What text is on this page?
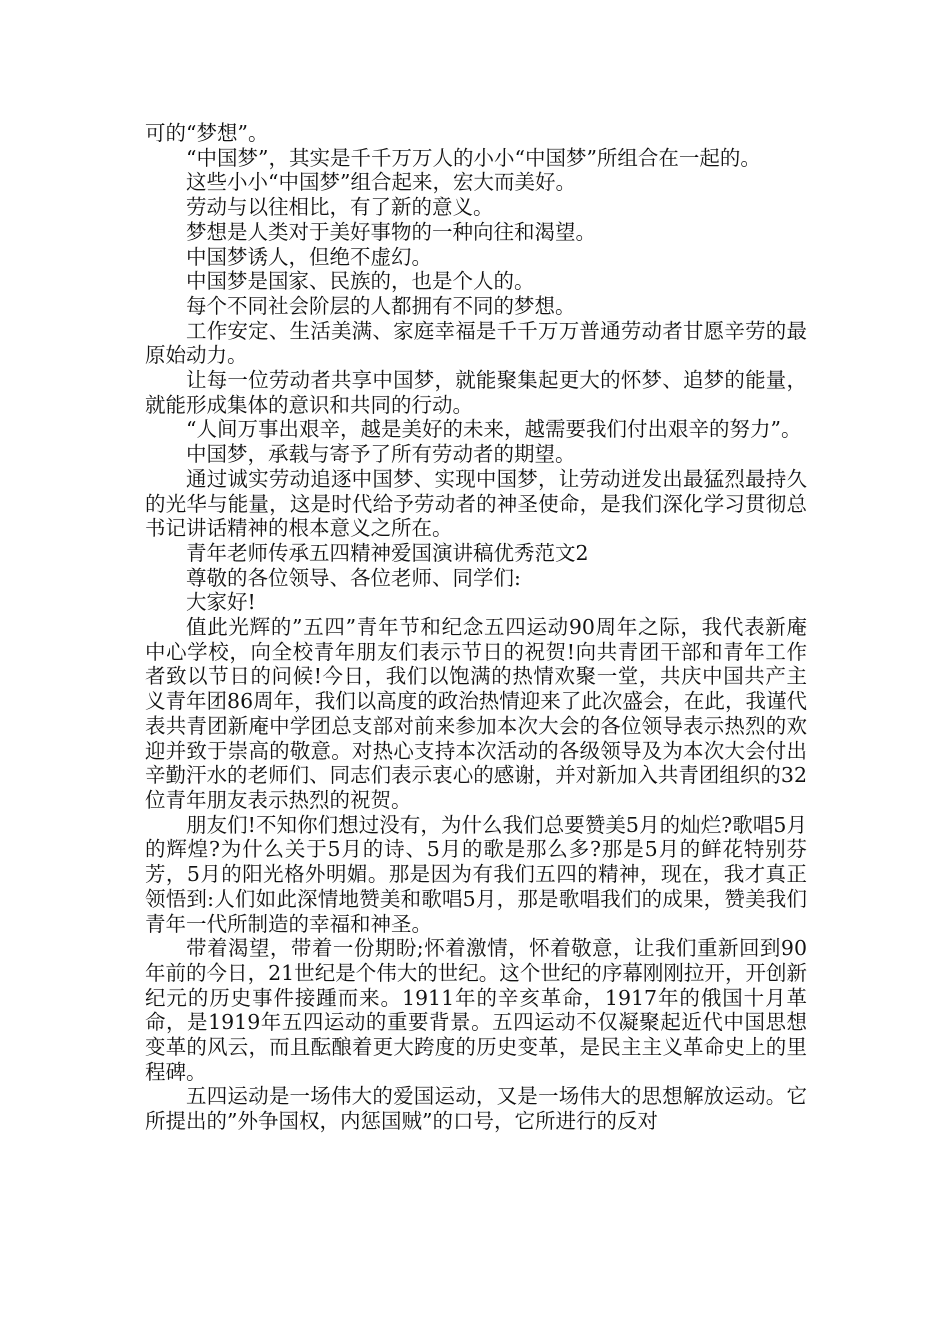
可的“梦想”。

“中国梦”，其实是千千万万人的小小“中国梦”所组合在一起的。

这些小小“中国梦”组合起来，宏大而美好。

劳动与以往相比，有了新的意义。

梦想是人类对于美好事物的一种向往和渴望。

中国梦诱人，但绝不虚幻。

中国梦是国家、民族的，也是个人的。

每个不同社会阶层的人都拥有不同的梦想。

工作安定、生活美满、家庭幸福是千千万万普通劳动者甘愿辛劳的最原始动力。

让每一位劳动者共享中国梦，就能聚集起更大的怀梦、追梦的能量，就能形成集体的意识和共同的行动。

“人间万事出艰辛，越是美好的未来，越需要我们付出艰辛的努力”。

中国梦，承载与寄予了所有劳动者的期望。

通过诚实劳动追逐中国梦、实现中国梦，让劳动迸发出最猛烈最持久的光华与能量，这是时代给予劳动者的神圣使命，是我们深化学习贯彻总书记讲话精神的根本意义之所在。

青年老师传承五四精神爱国演讲稿优秀范文2

尊敬的各位领导、各位老师、同学们:

大家好!

值此光辉的”五四”青年节和纪念五四运动90周年之际，我代表新庵中心学校，向全校青年朋友们表示节日的祝贺!向共青团干部和青年工作者致以节日的问候!今日，我们以饱满的热情欢聚一堂，共庆中国共产主义青年团86周年，我们以高度的政治热情迎来了此次盛会，在此，我谨代表共青团新庵中学团总支部对前来参加本次大会的各位领导表示热烈的欢迎并致于崇高的敬意。对热心支持本次活动的各级领导及为本次大会付出辛勤汗水的老师们、同志们表示衷心的感谢，并对新加入共青团组织的32位青年朋友表示热烈的祝贺。

朋友们!不知你们想过没有，为什么我们总要赞美5月的灿烂?歌唱5月的辉煌?为什么关于5月的诗、5月的歌是那么多?那是5月的鲜花特别芬芳，5月的阳光格外明媚。那是因为有我们五四的精神，现在，我才真正领悟到:人们如此深情地赞美和歌唱5月，那是歌唱我们的成果，赞美我们青年一代所制造的幸福和神圣。

带着渴望，带着一份期盼;怀着激情，怀着敬意，让我们重新回到90年前的今日，21世纪是个伟大的世纪。这个世纪的序幕刚刚拉开，开创新纪元的历史事件接踵而来。1911年的辛亥革命，1917年的俄国十月革命，是1919年五四运动的重要背景。五四运动不仅凝聚起近代中国思想变革的风云，而且酝酿着更大跨度的历史变革，是民主主义革命史上的里程碑。

五四运动是一场伟大的爱国运动，又是一场伟大的思想解放运动。它所提出的”外争国权，内惩国贼”的口号，它所进行的反对
